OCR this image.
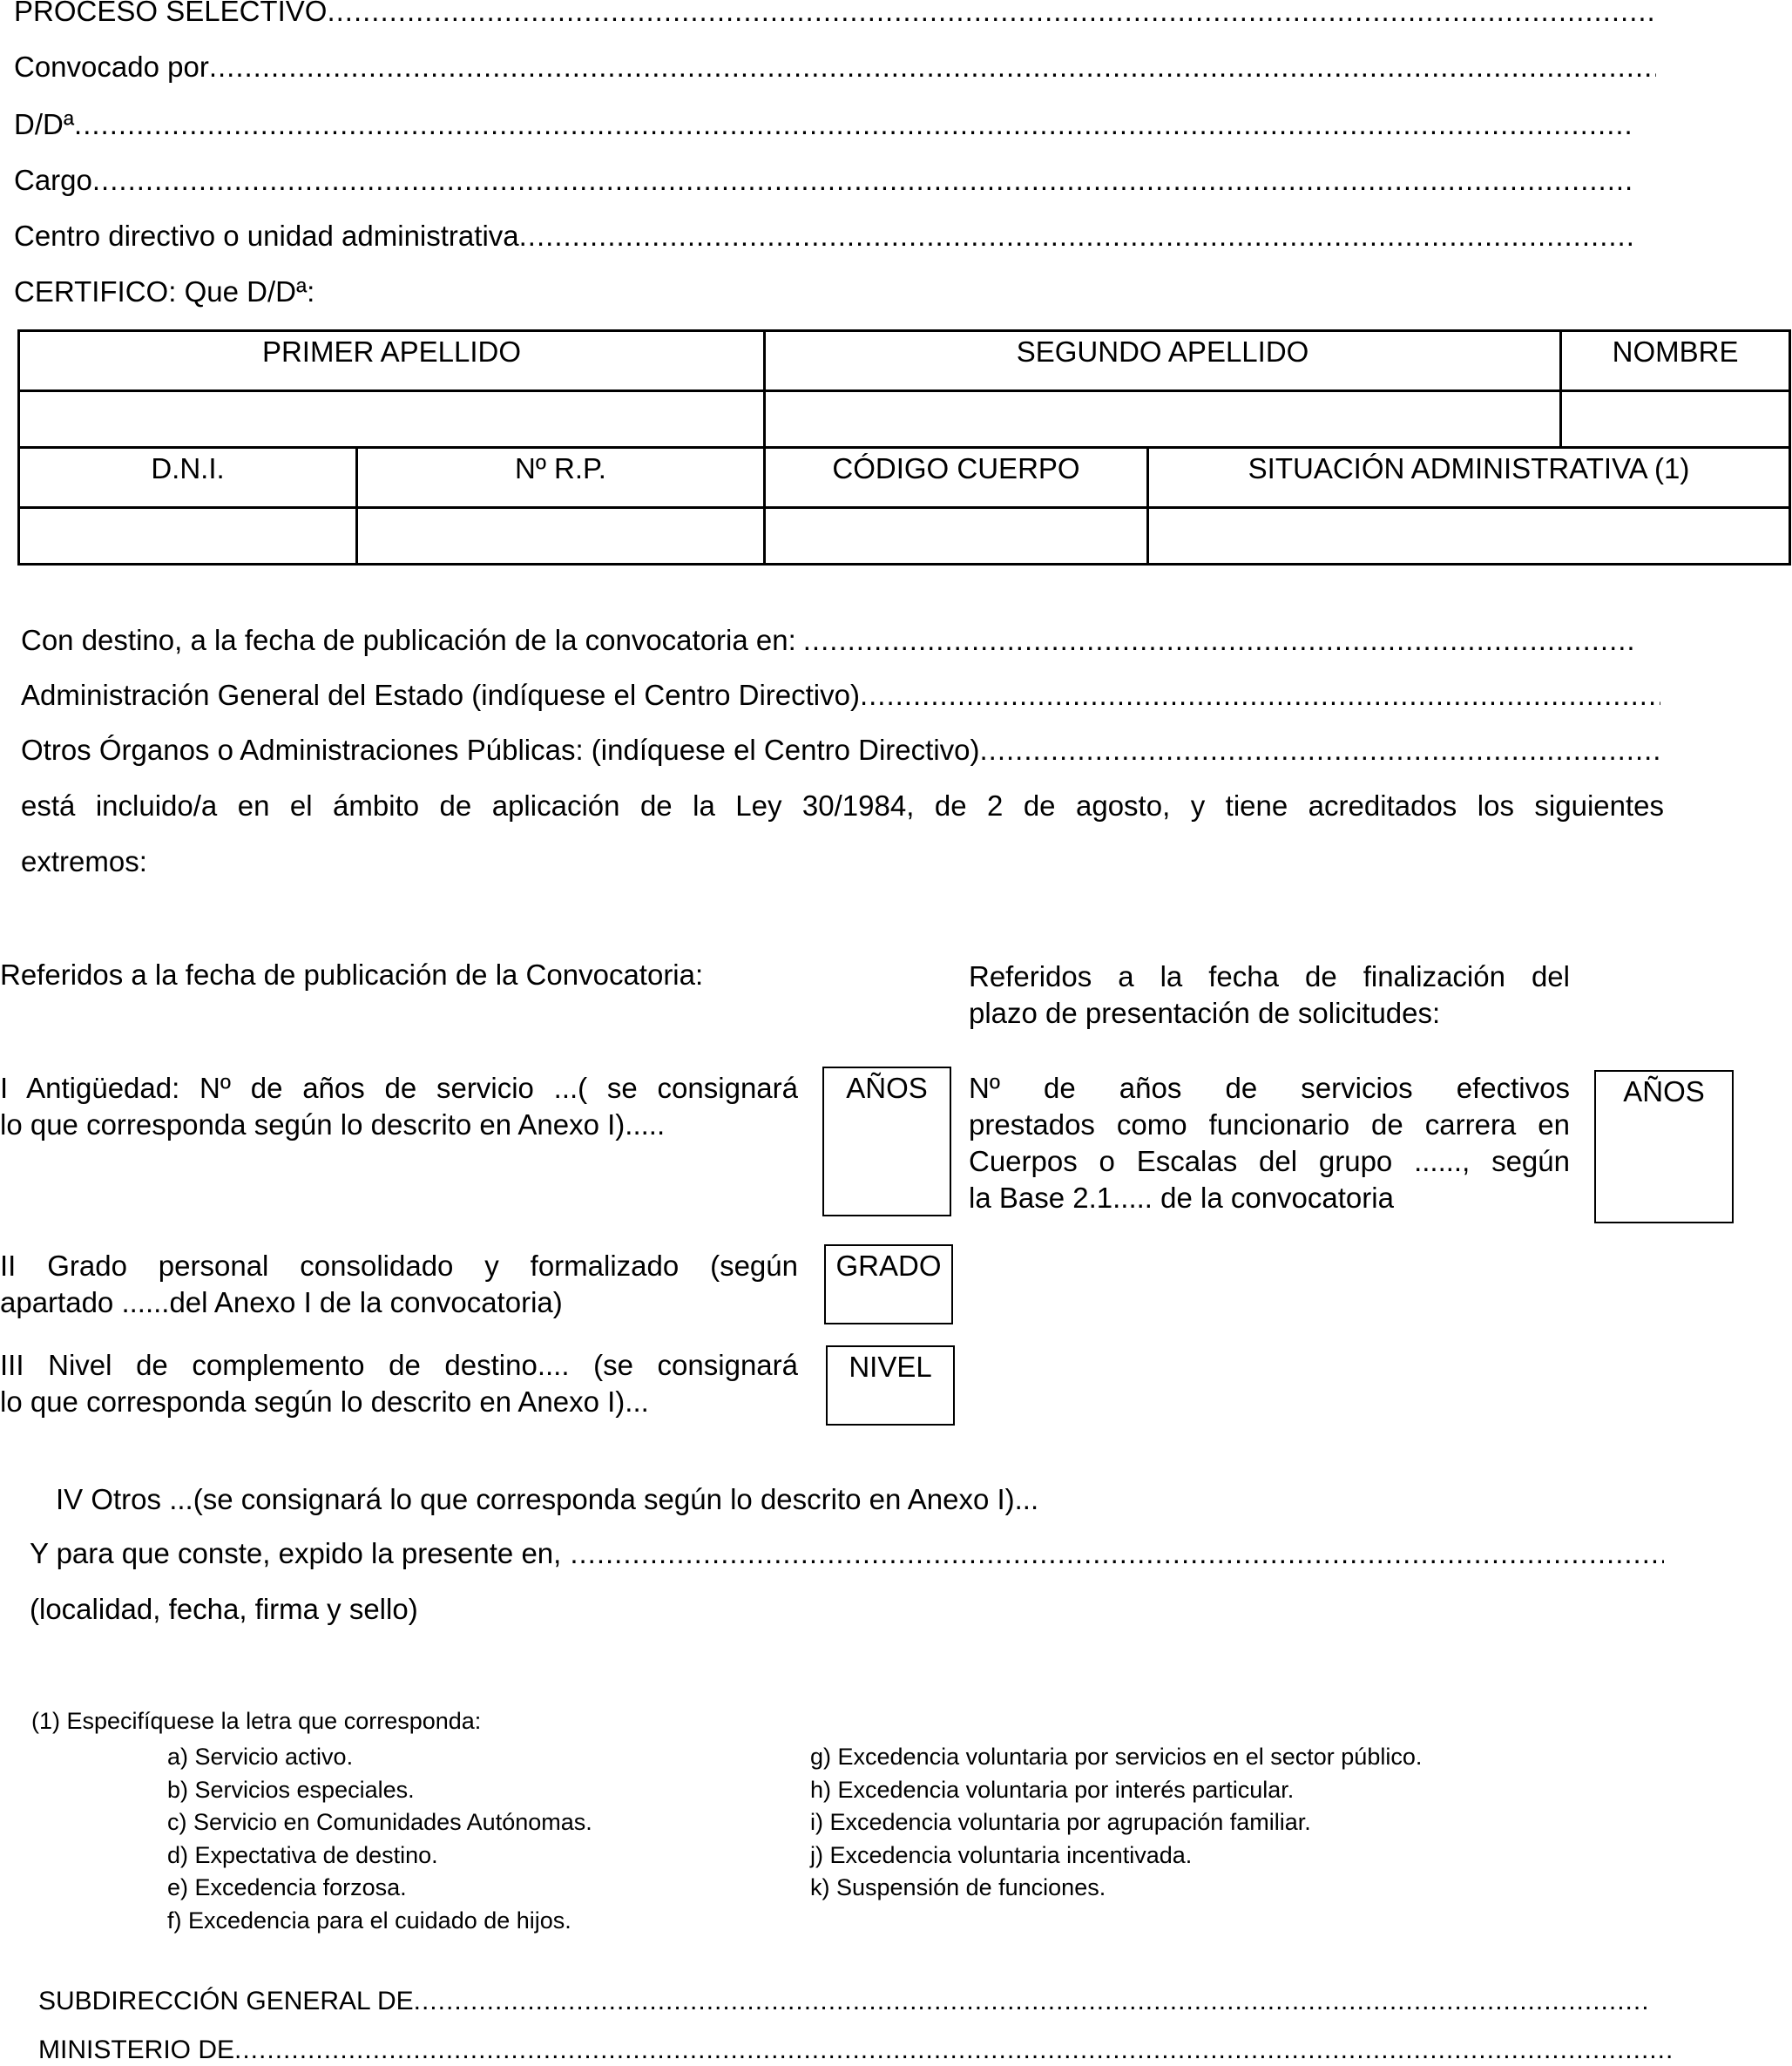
PROCESO SELECTIVO
.....
Convocado por
.....
D/Dª
.....
Cargo
.....
Centro directivo o unidad administrativa
.....
CERTIFICO: Que D/Dª:
PRIMER APELLIDO	SEGUNDO APELLIDO	NOMBRE

D.N.I.	Nº R.P.	CÓDIGO CUERPO	SITUACIÓN ADMINISTRATIVA (1)

Con destino, a la fecha de publicación de la convocatoria en:
.....
Administración General del Estado (indíquese el Centro Directivo)
.....
Otros Órganos o Administraciones Públicas: (indíquese el Centro Directivo)
.....
está incluido/a en el ámbito de aplicación de la Ley 30/1984, de 2 de agosto, y tiene acreditados los siguientes
extremos:
Referidos a la fecha de publicación de la Convocatoria:
I Antigüedad: Nº de años de servicio ...( se consignará
lo que corresponda según lo descrito en Anexo I).....
AÑOS
II Grado personal consolidado y formalizado (según
apartado ......del Anexo I de la convocatoria)
GRADO
III Nivel de complemento de destino.... (se consignará
lo que corresponda según lo descrito en Anexo I)...
NIVEL
Referidos a la fecha de finalización del
plazo de presentación de solicitudes:
Nº de años de servicios efectivos
prestados como funcionario de carrera en
Cuerpos o Escalas del grupo ......, según
la Base 2.1..... de la convocatoria
AÑOS
IV Otros ...(se consignará lo que corresponda según lo descrito en Anexo I)...
Y para que conste, expido la presente en,
.....
(localidad, fecha, firma y sello)
(1) Especifíquese la letra que corresponda:
a) Servicio activo.
b) Servicios especiales.
c) Servicio en Comunidades Autónomas.
d) Expectativa de destino.
e) Excedencia forzosa.
f) Excedencia para el cuidado de hijos.
g) Excedencia voluntaria por servicios en el sector público.
h) Excedencia voluntaria por interés particular.
i) Excedencia voluntaria por agrupación familiar.
j) Excedencia voluntaria incentivada.
k) Suspensión de funciones.
SUBDIRECCIÓN GENERAL DE
.....
MINISTERIO DE
.....
